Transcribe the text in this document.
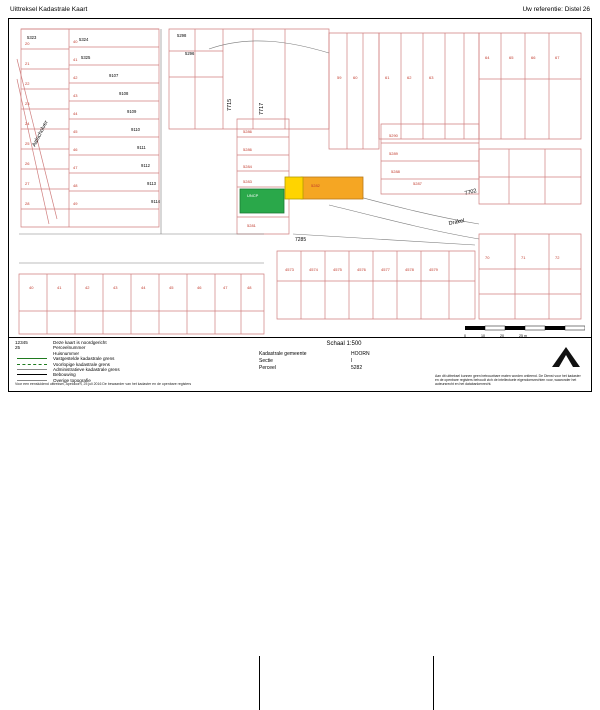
Uittreksel Kadastrale Kaart	Uw referentie: Distel 26
20
21
22
23
24
25
26
27
28
40
41
42
43
44
45
46
47
48
49
40	41	42	43	44	45	46	47	48
5286
5286
5284
5283
5281
59	60	61	62	63
64	65	66	67
5290
5289
5288
5287
4573	4574	4575	4576	4577	4578	4579
70	71	72
5282
5323	5324
5325
9107
9108
9109
9110
9111
9112
9113
9114
5298
5296
UNCP
Aalscholver
7715	7717
Drakel
7702
7285
12345	Deze kaart is noordgericht
25	Perceelnummer
Huisnummer
Vastgestelde kadastrale grens
Voorlopige kadastrale grens
Administratieve kadastrale grens
Bebouwing
Overige topografie
Voor een eensluidend uittreksel, Apeldoorn, 25 juli 2016 De bewaarder van het kadaster en de openbare registers
0	10	20	25 m
Schaal 1:500
Kadastrale gemeente	HOORN
Sectie	I
Perceel	5282
Aan dit uittreksel kunnen geen betrouwbare maten worden ontleend. De Dienst voor het kadaster en de openbare registers behoudt zich de intellectuele eigendomsrechten voor, waaronder het auteursrecht en het databankenrecht.
